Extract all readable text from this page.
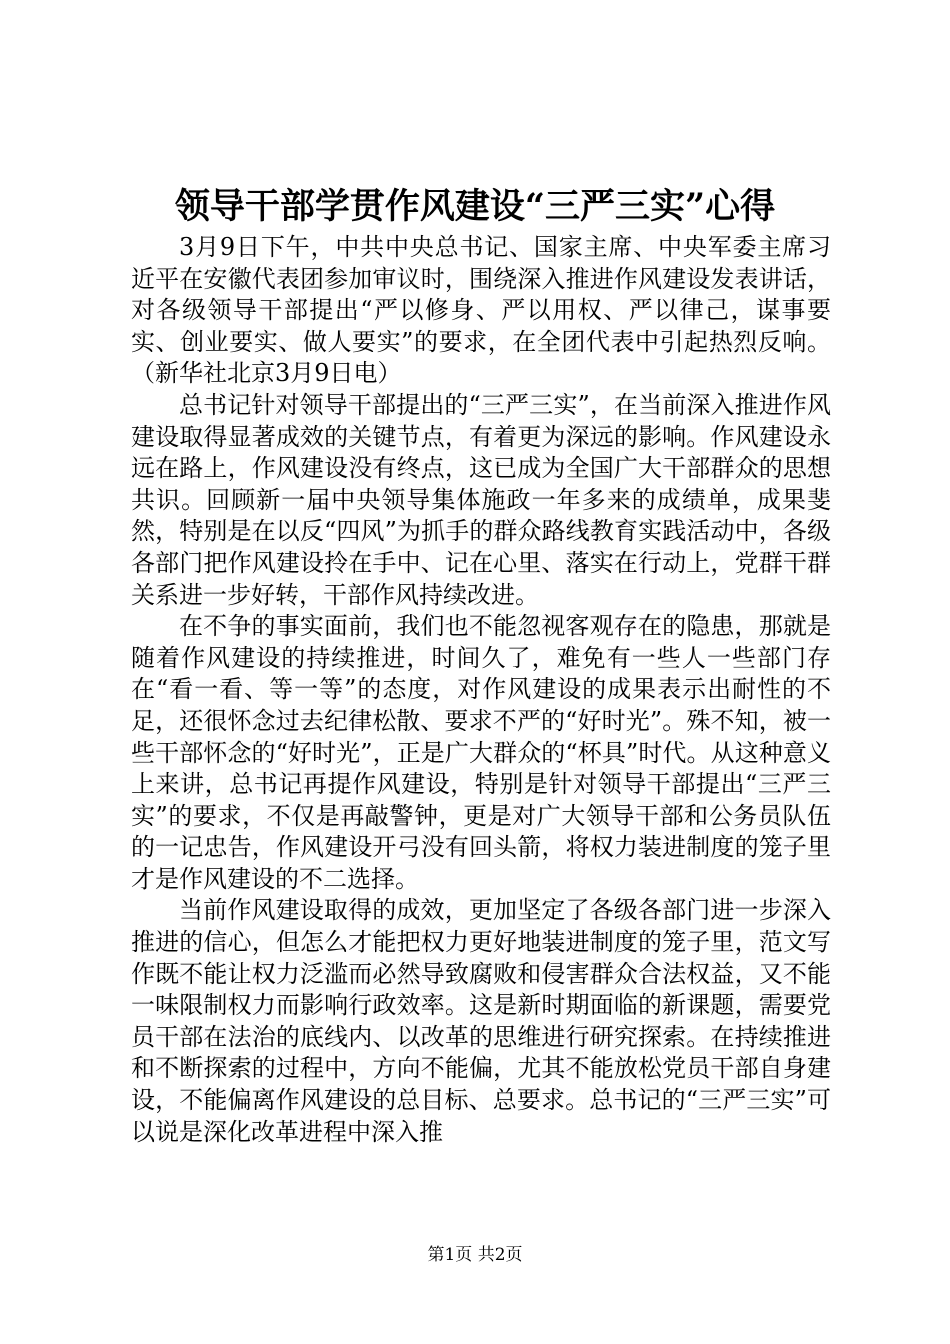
领导干部学贯作风建设“三严三实”心得

3月9日下午，中共中央总书记、国家主席、中央军委主席习近平在安徽代表团参加审议时，围绕深入推进作风建设发表讲话，对各级领导干部提出“严以修身、严以用权、严以律己，谋事要实、创业要实、做人要实”的要求，在全团代表中引起热烈反响。（新华社北京3月9日电）

总书记针对领导干部提出的“三严三实”，在当前深入推进作风建设取得显著成效的关键节点，有着更为深远的影响。作风建设永远在路上，作风建设没有终点，这已成为全国广大干部群众的思想共识。回顾新一届中央领导集体施政一年多来的成绩单，成果斐然，特别是在以反“四风”为抓手的群众路线教育实践活动中，各级各部门把作风建设拎在手中、记在心里、落实在行动上，党群干群关系进一步好转，干部作风持续改进。

在不争的事实面前，我们也不能忽视客观存在的隐患，那就是随着作风建设的持续推进，时间久了，难免有一些人一些部门存在“看一看、等一等”的态度，对作风建设的成果表示出耐性的不足，还很怀念过去纪律松散、要求不严的“好时光”。殊不知，被一些干部怀念的“好时光”，正是广大群众的“杯具”时代。从这种意义上来讲，总书记再提作风建设，特别是针对领导干部提出“三严三实”的要求，不仅是再敲警钟，更是对广大领导干部和公务员队伍的一记忠告，作风建设开弓没有回头箭，将权力装进制度的笼子里才是作风建设的不二选择。

当前作风建设取得的成效，更加坚定了各级各部门进一步深入推进的信心，但怎么才能把权力更好地装进制度的笼子里，范文写作既不能让权力泛滥而必然导致腐败和侵害群众合法权益，又不能一味限制权力而影响行政效率。这是新时期面临的新课题，需要党员干部在法治的底线内、以改革的思维进行研究探索。在持续推进和不断探索的过程中，方向不能偏，尤其不能放松党员干部自身建设，不能偏离作风建设的总目标、总要求。总书记的“三严三实”可以说是深化改革进程中深入推

第1页 共2页
